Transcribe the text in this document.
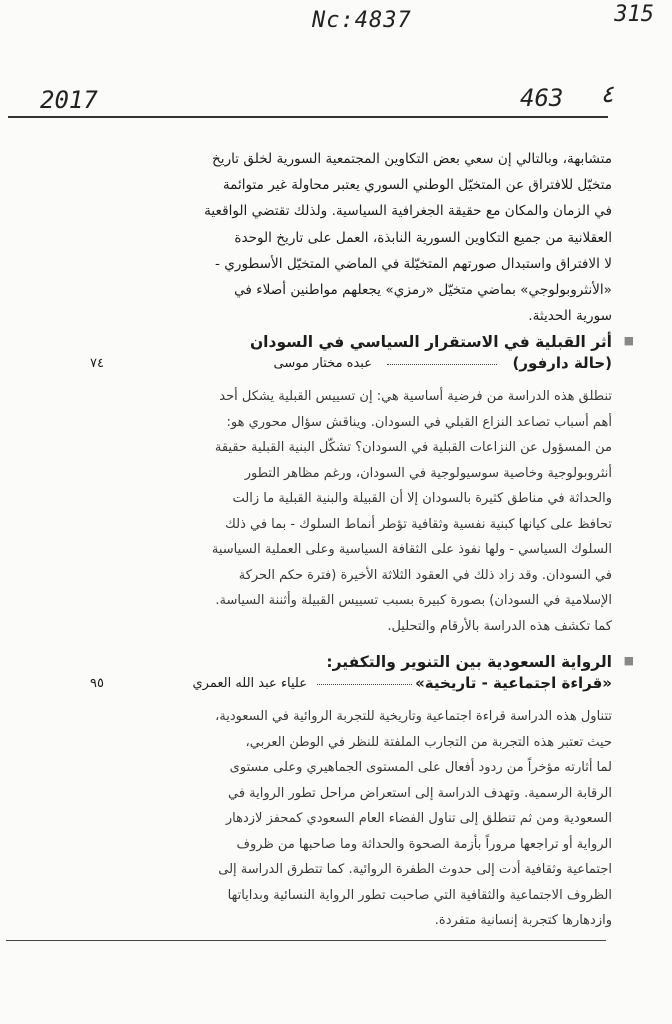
Nc:4837	315
2017	463 ٤

متشابهة، وبالتالي إن سعي بعض التكاوين المجتمعية السورية لخلق تاريخ

متخيّل للافتراق عن المتخيّل الوطني السوري يعتبر محاولة غير متوائمة

في الزمان والمكان مع حقيقة الجغرافية السياسية. ولذلك تقتضي الواقعية

العقلانية من جميع التكاوين السورية النابذة، العمل على تاريخ الوحدة

لا الافتراق واستبدال صورتهم المتخيّلة في الماضي المتخيّل الأسطوري -

«الأنثروبولوجي» بماضي متخيّل «رمزي» يجعلهم مواطنين أصلاء في

سورية الحديثة.

■
أثر القبلية في الاستقرار السياسي في السودان
(حالة دارفور)
عبده مختار موسى
٧٤

تنطلق هذه الدراسة من فرضية أساسية هي: إن تسييس القبلية يشكل أحد

أهم أسباب تصاعد النزاع القبلي في السودان. ويناقش سؤال محوري هو:

من المسؤول عن النزاعات القبلية في السودان؟ تشكّل البنية القبلية حقيقة

أنثروبولوجية وخاصية سوسيولوجية في السودان، ورغم مظاهر التطور

والحداثة في مناطق كثيرة بالسودان إلا أن القبيلة والبنية القبلية ما زالت

تحافظ على كيانها كبنية نفسية وثقافية تؤطر أنماط السلوك - بما في ذلك

السلوك السياسي - ولها نفوذ على الثقافة السياسية وعلى العملية السياسية

في السودان. وقد زاد ذلك في العقود الثلاثة الأخيرة (فترة حكم الحركة

الإسلامية في السودان) بصورة كبيرة بسبب تسييس القبيلة وأثننة السياسة.

كما تكشف هذه الدراسة بالأرقام والتحليل.

■
الرواية السعودية بين التنوير والتكفير:
«قراءة اجتماعية - تاريخية»
علياء عبد الله العمري
٩٥

تتناول هذه الدراسة قراءة اجتماعية وتاريخية للتجربة الروائية في السعودية،

حيث تعتبر هذه التجربة من التجارب الملفتة للنظر في الوطن العربي،

لما أثارته مؤخراً من ردود أفعال على المستوى الجماهيري وعلى مستوى

الرقابة الرسمية. وتهدف الدراسة إلى استعراض مراحل تطور الرواية في

السعودية ومن ثم تنطلق إلى تناول الفضاء العام السعودي كمحفز لازدهار

الرواية أو تراجعها مروراً بأزمة الصحوة والحداثة وما صاحبها من ظروف

اجتماعية وثقافية أدت إلى حدوث الطفرة الروائية. كما تتطرق الدراسة إلى

الظروف الاجتماعية والثقافية التي صاحبت تطور الرواية النسائية وبداياتها

وازدهارها كتجربة إنسانية متفردة.
